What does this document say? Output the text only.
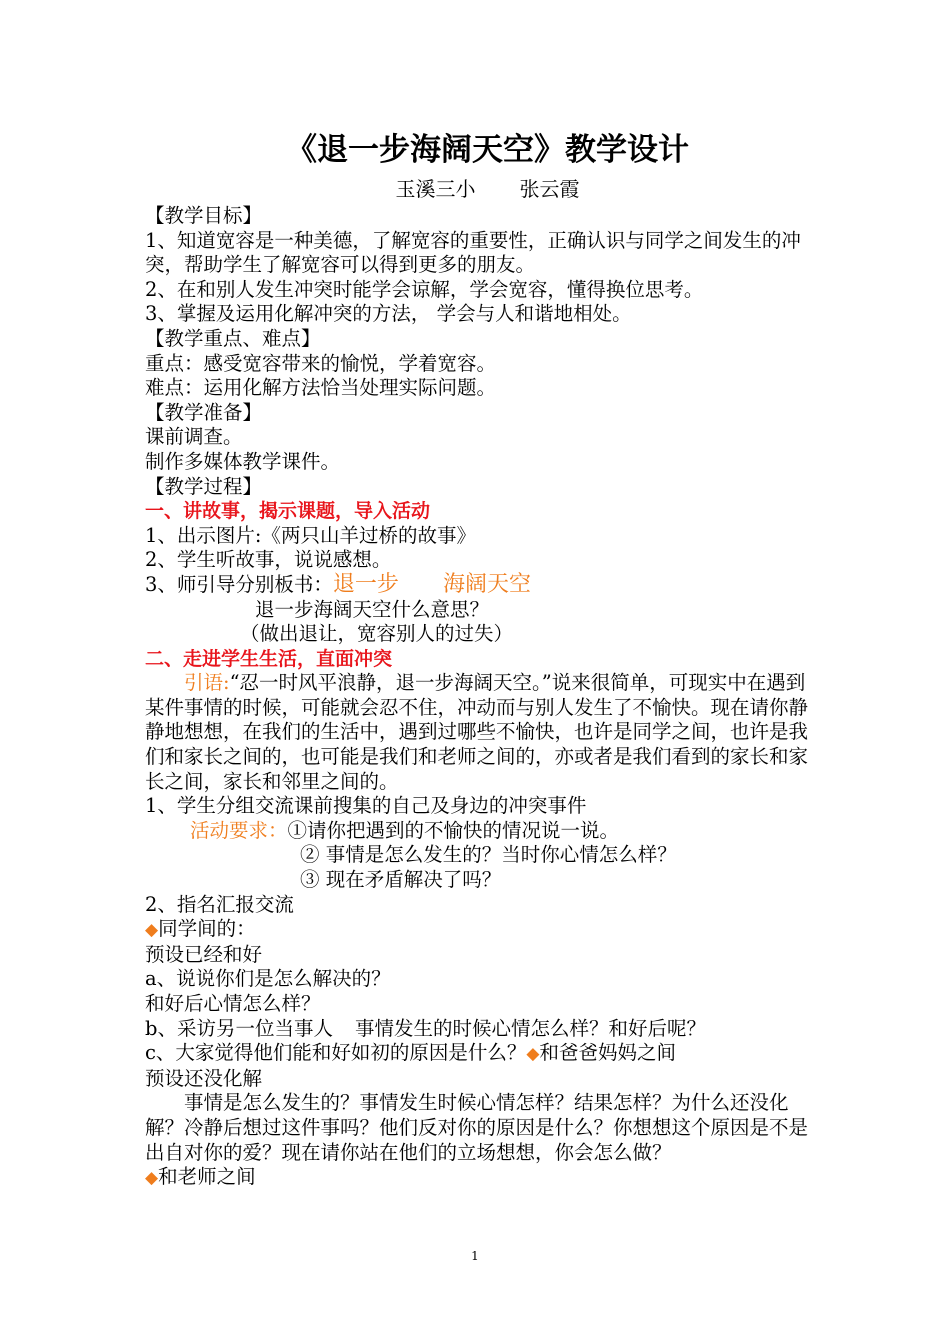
《退一步海阔天空》教学设计

玉溪三小 张云霞

【教学目标】

1、知道宽容是一种美德，了解宽容的重要性，正确认识与同学之间发生的冲突，帮助学生了解宽容可以得到更多的朋友。

2、在和别人发生冲突时能学会谅解，学会宽容，懂得换位思考。

3、掌握及运用化解冲突的方法， 学会与人和谐地相处。

【教学重点、难点】

重点：感受宽容带来的愉悦，学着宽容。

难点：运用化解方法恰当处理实际问题。

【教学准备】

课前调查。

制作多媒体教学课件。

【教学过程】

一、讲故事，揭示课题，导入活动

1、出示图片:《两只山羊过桥的故事》

2、学生听故事，说说感想。

3、师引导分别板书：退一步 海阔天空

退一步海阔天空什么意思？

（做出退让，宽容别人的过失）

二、走进学生生活，直面冲突

引语:“忍一时风平浪静，退一步海阔天空。”说来很简单，可现实中在遇到某件事情的时候，可能就会忍不住，冲动而与别人发生了不愉快。现在请你静静地想想，在我们的生活中，遇到过哪些不愉快，也许是同学之间，也许是我们和家长之间的，也可能是我们和老师之间的，亦或者是我们看到的家长和家长之间，家长和邻里之间的。

1、学生分组交流课前搜集的自己及身边的冲突事件

活动要求：①请你把遇到的不愉快的情况说一说。

② 事情是怎么发生的？当时你心情怎么样？

③ 现在矛盾解决了吗？

2、指名汇报交流

◆同学间的：

预设已经和好

a、说说你们是怎么解决的？

和好后心情怎么样？

b、采访另一位当事人 事情发生的时候心情怎么样？和好后呢？

c、大家觉得他们能和好如初的原因是什么？◆和爸爸妈妈之间

预设还没化解

事情是怎么发生的？事情发生时候心情怎样？结果怎样？为什么还没化解？冷静后想过这件事吗？他们反对你的原因是什么？你想想这个原因是不是出自对你的爱？现在请你站在他们的立场想想，你会怎么做？

◆和老师之间

1
